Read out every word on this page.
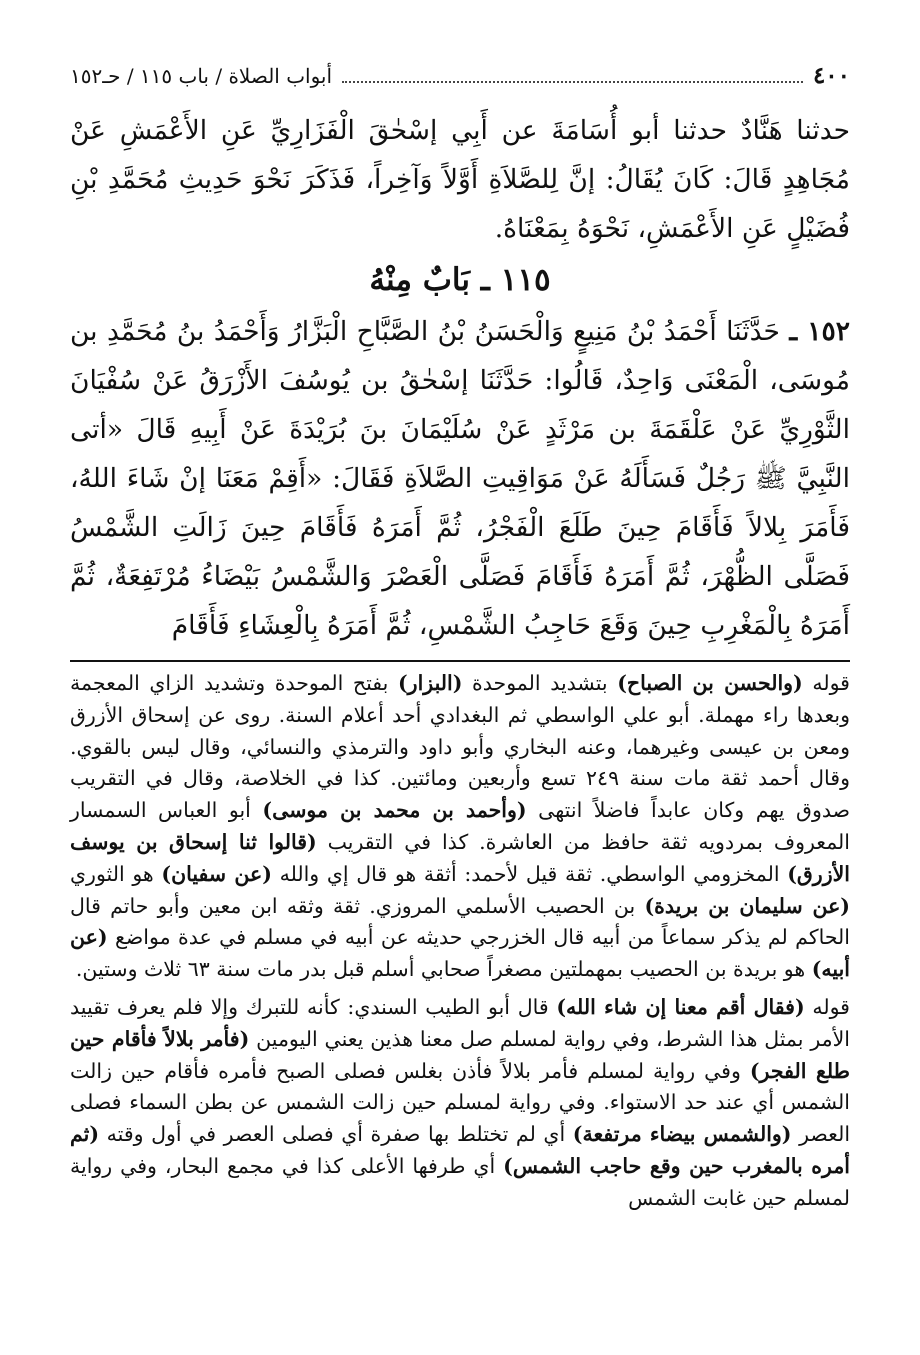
٤٠٠
أبواب الصلاة / باب ١١٥ / حـ١٥٢

حدثنا هَنَّادٌ حدثنا أبو أُسَامَةَ عن أَبِي إسْحٰقَ الْفَزَارِيِّ عَنِ الأَعْمَشِ عَنْ مُجَاهِدٍ قَالَ: كَانَ يُقَالُ: إنَّ لِلصَّلاَةِ أَوَّلاً وَآخِراً، فَذَكَرَ نَحْوَ حَدِيثِ مُحَمَّدِ بْنِ فُضَيْلٍ عَنِ الأَعْمَشِ، نَحْوَهُ بِمَعْنَاهُ.

١١٥ ـ بَابٌ مِنْهُ

١٥٢ ـ حَدَّثَنَا أَحْمَدُ بْنُ مَنِيعٍ وَالْحَسَنُ بْنُ الصَّبَّاحِ الْبَزَّارُ وَأَحْمَدُ بنُ مُحَمَّدِ بن مُوسَى، الْمَعْنَى وَاحِدٌ، قَالُوا: حَدَّثَنَا إسْحٰقُ بن يُوسُفَ الأَزْرَقُ عَنْ سُفْيَانَ الثَّوْرِيِّ عَنْ عَلْقَمَةَ بن مَرْثَدٍ عَنْ سُلَيْمَانَ بنَ بُرَيْدَةَ عَنْ أَبِيهِ قَالَ «أتى النَّبِيَّ ﷺ رَجُلٌ فَسَأَلَهُ عَنْ مَوَاقِيتِ الصَّلاَةِ فَقَالَ: «أَقِمْ مَعَنَا إنْ شَاءَ اللهُ، فَأَمَرَ بِلالاً فَأَقَامَ حِينَ طَلَعَ الْفَجْرُ، ثُمَّ أَمَرَهُ فَأَقَامَ حِينَ زَالَتِ الشَّمْسُ فَصَلَّى الظُّهْرَ، ثُمَّ أَمَرَهُ فَأَقَامَ فَصَلَّى الْعَصْرَ وَالشَّمْسُ بَيْضَاءُ مُرْتَفِعَةٌ، ثُمَّ أَمَرَهُ بِالْمَغْرِبِ حِينَ وَقَعَ حَاجِبُ الشَّمْسِ، ثُمَّ أَمَرَهُ بِالْعِشَاءِ فَأَقَامَ

قوله (والحسن بن الصباح) بتشديد الموحدة (البزار) بفتح الموحدة وتشديد الزاي المعجمة وبعدها راء مهملة. أبو علي الواسطي ثم البغدادي أحد أعلام السنة. روى عن إسحاق الأزرق ومعن بن عيسى وغيرهما، وعنه البخاري وأبو داود والترمذي والنسائي، وقال ليس بالقوي. وقال أحمد ثقة مات سنة ٢٤٩ تسع وأربعين ومائتين. كذا في الخلاصة، وقال في التقريب صدوق يهم وكان عابداً فاضلاً انتهى (وأحمد بن محمد بن موسى) أبو العباس السمسار المعروف بمردويه ثقة حافظ من العاشرة. كذا في التقريب (قالوا ثنا إسحاق بن يوسف الأزرق) المخزومي الواسطي. ثقة قيل لأحمد: أثقة هو قال إي والله (عن سفيان) هو الثوري (عن سليمان بن بريدة) بن الحصيب الأسلمي المروزي. ثقة وثقه ابن معين وأبو حاتم قال الحاكم لم يذكر سماعاً من أبيه قال الخزرجي حديثه عن أبيه في مسلم في عدة مواضع (عن أبيه) هو بريدة بن الحصيب بمهملتين مصغراً صحابي أسلم قبل بدر مات سنة ٦٣ ثلاث وستين.

قوله (فقال أقم معنا إن شاء الله) قال أبو الطيب السندي: كأنه للتبرك وإلا فلم يعرف تقييد الأمر بمثل هذا الشرط، وفي رواية لمسلم صل معنا هذين يعني اليومين (فأمر بلالاً فأقام حين طلع الفجر) وفي رواية لمسلم فأمر بلالاً فأذن بغلس فصلى الصبح فأمره فأقام حين زالت الشمس أي عند حد الاستواء. وفي رواية لمسلم حين زالت الشمس عن بطن السماء فصلى العصر (والشمس بيضاء مرتفعة) أي لم تختلط بها صفرة أي فصلى العصر في أول وقته (ثم أمره بالمغرب حين وقع حاجب الشمس) أي طرفها الأعلى كذا في مجمع البحار، وفي رواية لمسلم حين غابت الشمس
